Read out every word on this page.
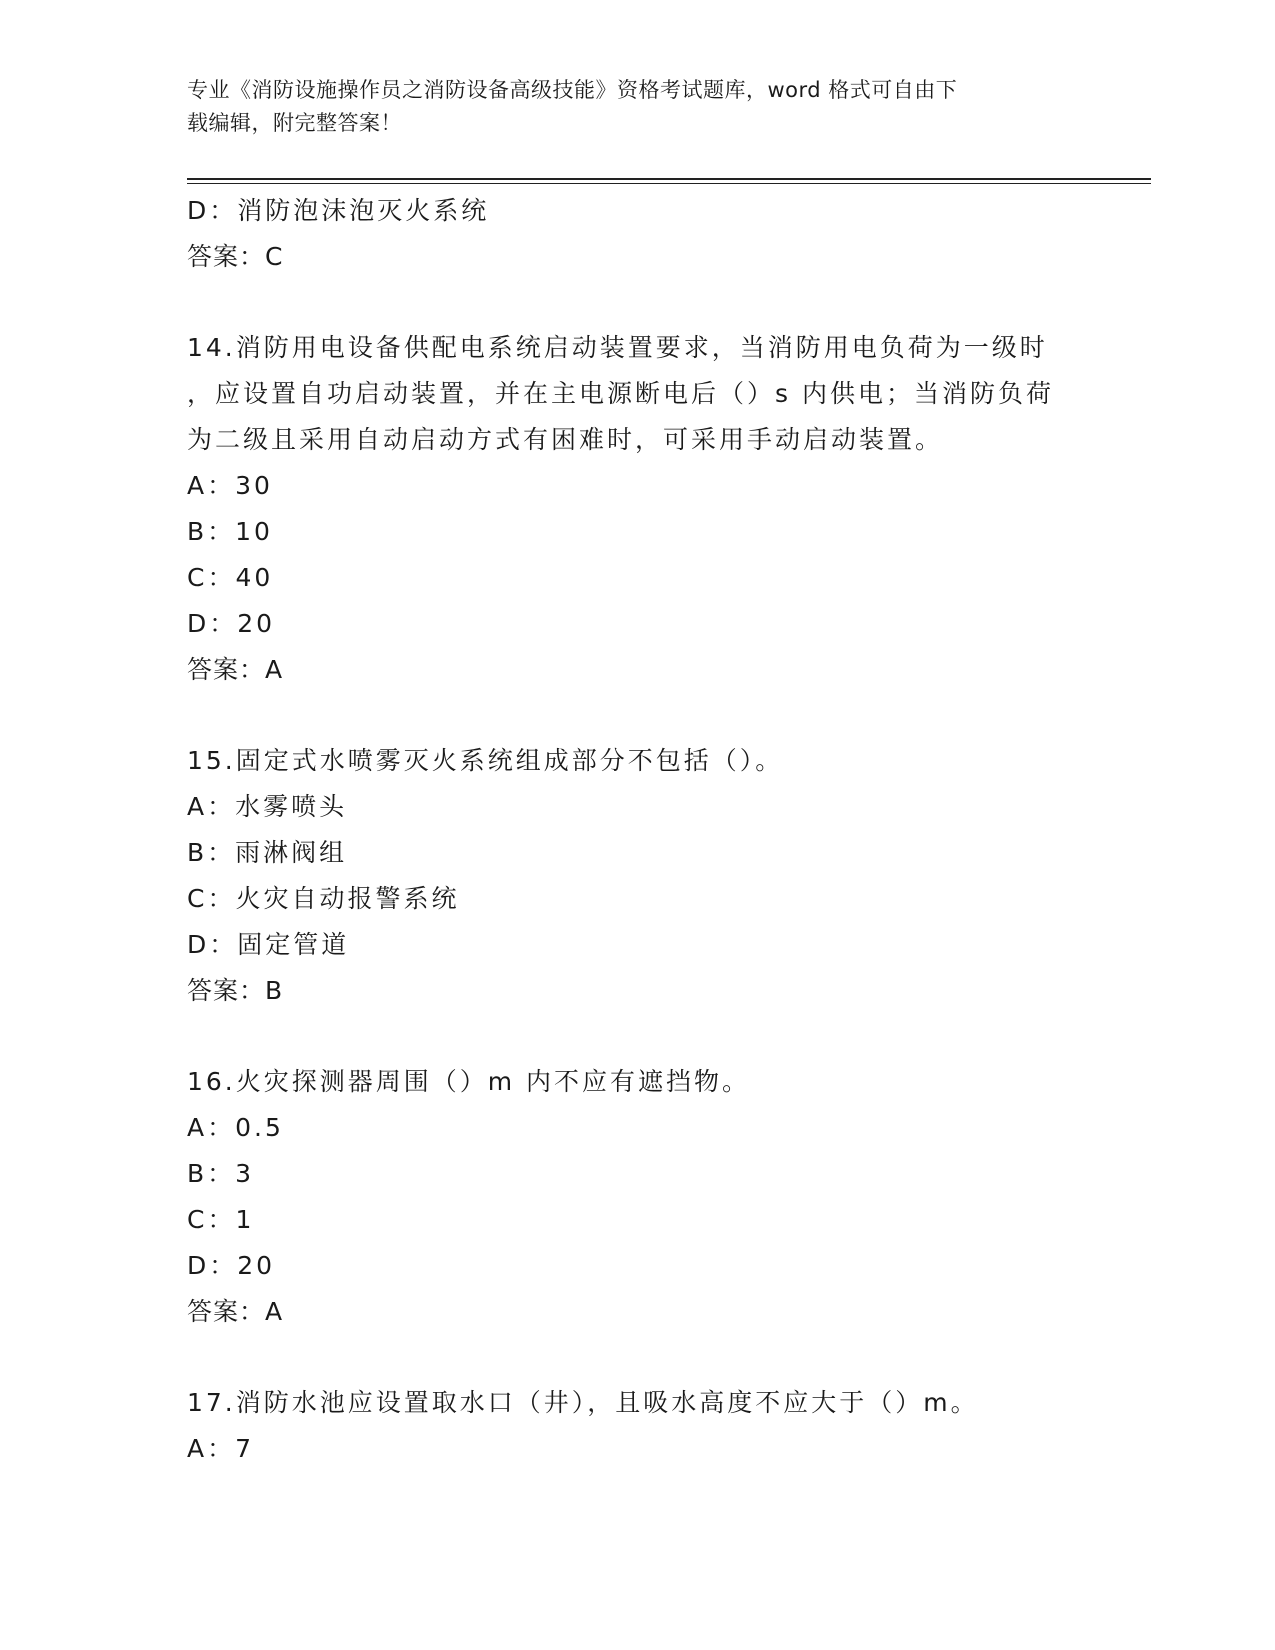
专业《消防设施操作员之消防设备高级技能》资格考试题库，word 格式可自由下
载编辑，附完整答案！
D：消防泡沫泡灭火系统
答案：C
14.消防用电设备供配电系统启动装置要求，当消防用电负荷为一级时
，应设置自功启动装置，并在主电源断电后（）s 内供电；当消防负荷
为二级且采用自动启动方式有困难时，可采用手动启动装置。
A：30
B：10
C：40
D：20
答案：A
15.固定式水喷雾灭火系统组成部分不包括（）。
A：水雾喷头
B：雨淋阀组
C：火灾自动报警系统
D：固定管道
答案：B
16.火灾探测器周围（）m 内不应有遮挡物。
A：0.5
B：3
C：1
D：20
答案：A
17.消防水池应设置取水口（井），且吸水高度不应大于（）m。
A：7
